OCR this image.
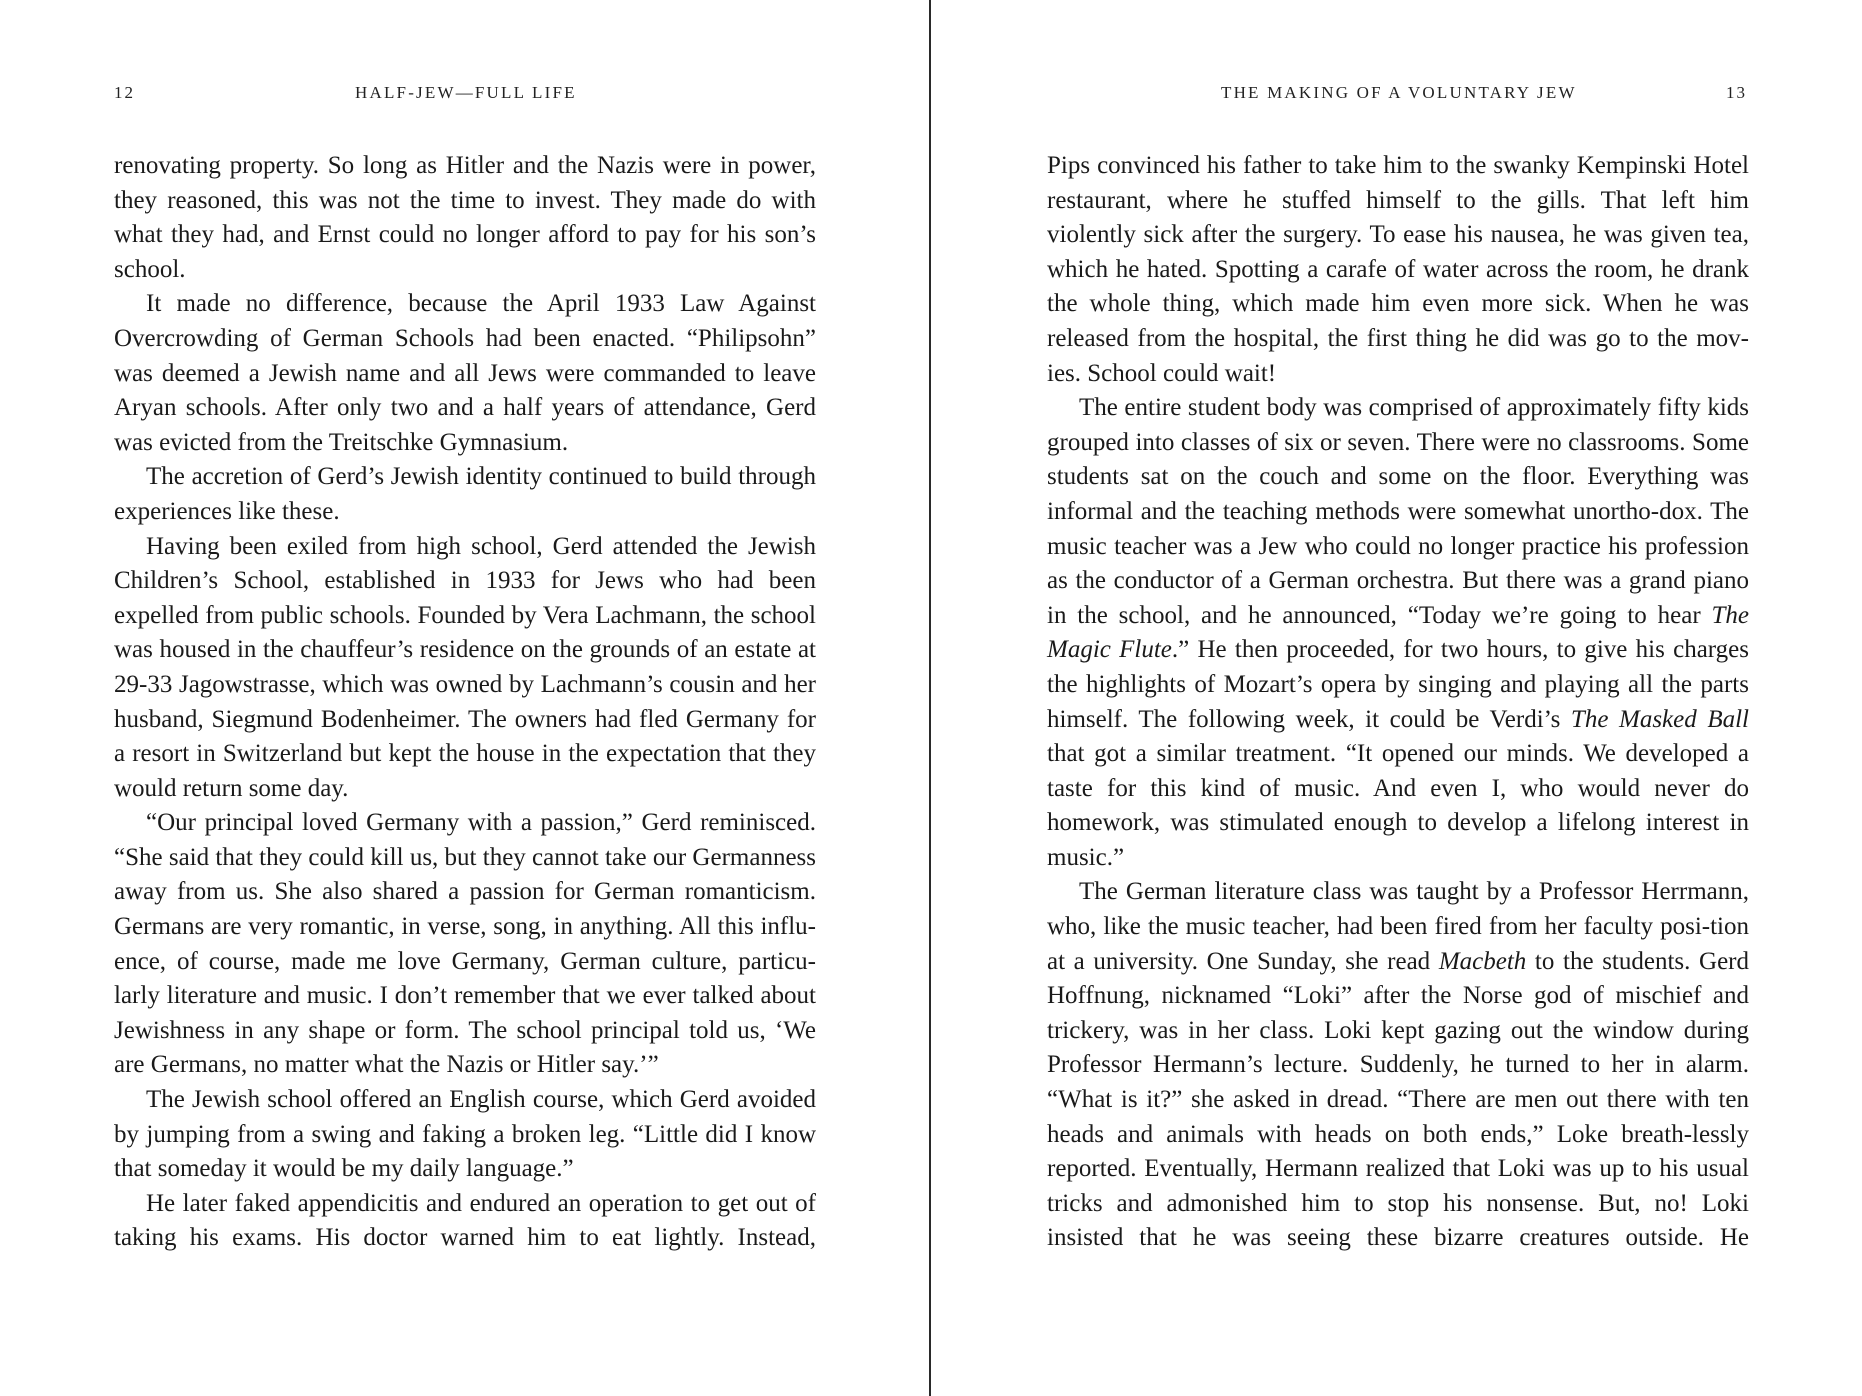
12	HALF-JEW—FULL LIFE

renovating property. So long as Hitler and the Nazis were in power, they reasoned, this was not the time to invest. They made do with what they had, and Ernst could no longer afford to pay for his son’s school.

It made no difference, because the April 1933 Law Against Overcrowding of German Schools had been enacted. “Philipsohn” was deemed a Jewish name and all Jews were commanded to leave Aryan schools. After only two and a half years of attendance, Gerd was evicted from the Treitschke Gymnasium.

The accretion of Gerd’s Jewish identity continued to build through experiences like these.

Having been exiled from high school, Gerd attended the Jewish Children’s School, established in 1933 for Jews who had been expelled from public schools. Founded by Vera Lachmann, the school was housed in the chauffeur’s residence on the grounds of an estate at 29-33 Jagowstrasse, which was owned by Lachmann’s cousin and her husband, Siegmund Bodenheimer. The owners had fled Germany for a resort in Switzerland but kept the house in the expectation that they would return some day.

“Our principal loved Germany with a passion,” Gerd reminisced. “She said that they could kill us, but they cannot take our Germanness away from us. She also shared a passion for German romanticism. Germans are very romantic, in verse, song, in anything. All this influ-ence, of course, made me love Germany, German culture, particu-larly literature and music. I don’t remember that we ever talked about Jewishness in any shape or form. The school principal told us, ‘We are Germans, no matter what the Nazis or Hitler say.’”

The Jewish school offered an English course, which Gerd avoided by jumping from a swing and faking a broken leg. “Little did I know that someday it would be my daily language.”

He later faked appendicitis and endured an operation to get out of taking his exams. His doctor warned him to eat lightly. Instead,

THE MAKING OF A VOLUNTARY JEW	13

Pips convinced his father to take him to the swanky Kempinski Hotel restaurant, where he stuffed himself to the gills. That left him violently sick after the surgery. To ease his nausea, he was given tea, which he hated. Spotting a carafe of water across the room, he drank the whole thing, which made him even more sick. When he was released from the hospital, the first thing he did was go to the mov-ies. School could wait!

The entire student body was comprised of approximately fifty kids grouped into classes of six or seven. There were no classrooms. Some students sat on the couch and some on the floor. Everything was informal and the teaching methods were somewhat unortho-dox. The music teacher was a Jew who could no longer practice his profession as the conductor of a German orchestra. But there was a grand piano in the school, and he announced, “Today we’re going to hear The Magic Flute.” He then proceeded, for two hours, to give his charges the highlights of Mozart’s opera by singing and playing all the parts himself. The following week, it could be Verdi’s The Masked Ball that got a similar treatment. “It opened our minds. We developed a taste for this kind of music. And even I, who would never do homework, was stimulated enough to develop a lifelong interest in music.”

The German literature class was taught by a Professor Herrmann, who, like the music teacher, had been fired from her faculty posi-tion at a university. One Sunday, she read Macbeth to the students. Gerd Hoffnung, nicknamed “Loki” after the Norse god of mischief and trickery, was in her class. Loki kept gazing out the window during Professor Hermann’s lecture. Suddenly, he turned to her in alarm. “What is it?” she asked in dread. “There are men out there with ten heads and animals with heads on both ends,” Loke breath-lessly reported. Eventually, Hermann realized that Loki was up to his usual tricks and admonished him to stop his nonsense. But, no! Loki insisted that he was seeing these bizarre creatures outside. He
